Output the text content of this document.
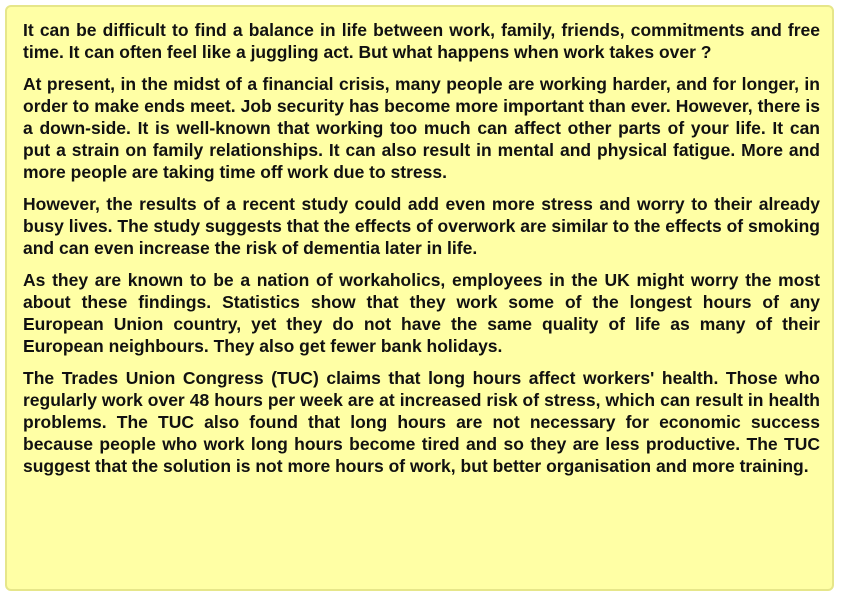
It can be difficult to find a balance in life between work, family, friends, commitments and free time. It can often feel like a juggling act. But what happens when work takes over ?

At present, in the midst of a financial crisis, many people are working harder, and for longer, in order to make ends meet. Job security has become more important than ever. However, there is a down-side. It is well-known that working too much can affect other parts of your life. It can put a strain on family relationships. It can also result in mental and physical fatigue. More and more people are taking time off work due to stress.

However, the results of a recent study could add even more stress and worry to their already busy lives. The study suggests that the effects of overwork are similar to the effects of smoking and can even increase the risk of dementia later in life.

As they are known to be a nation of workaholics, employees in the UK might worry the most about these findings. Statistics show that they work some of the longest hours of any European Union country, yet they do not have the same quality of life as many of their European neighbours. They also get fewer bank holidays.

The Trades Union Congress (TUC) claims that long hours affect workers' health. Those who regularly work over 48 hours per week are at increased risk of stress, which can result in health problems. The TUC also found that long hours are not necessary for economic success because people who work long hours become tired and so they are less productive. The TUC suggest that the solution is not more hours of work, but better organisation and more training.
